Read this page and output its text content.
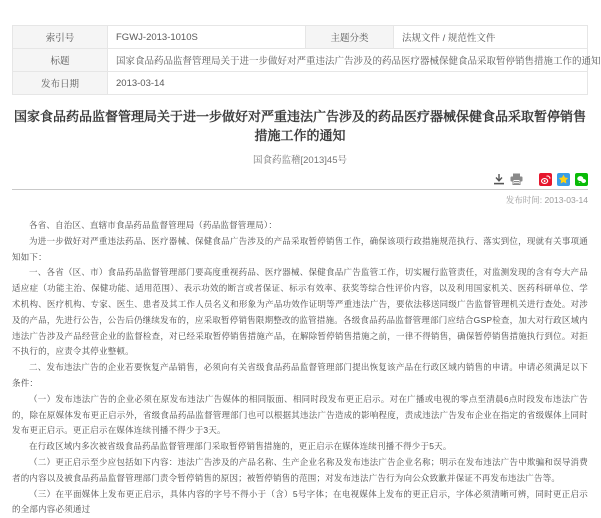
索引号	FGWJ-2013-1010S	主题分类	法规文件 / 规范性文件
标题	国家食品药品监督管理局关于进一步做好对严重违法广告涉及的药品医疗器械保健食品采取暂停销售措施工作的通知		
发布日期	2013-03-14		
国家食品药品监督管理局关于进一步做好对严重违法广告涉及的药品医疗器械保健食品采取暂停销售措施工作的通知
国食药监稽[2013]45号
发布时间: 2013-03-14

各省、自治区、直辖市食品药品监督管理局（药品监督管理局）：

为进一步做好对严重违法药品、医疗器械、保健食品广告涉及的产品采取暂停销售工作，确保该项行政措施规范执行、落实到位，现就有关事项通知如下：

一、各省（区、市）食品药品监督管理部门要高度重视药品、医疗器械、保健食品广告监管工作，切实履行监管责任，对监测发现的含有夸大产品适应症（功能主治、保健功能、适用范围）、表示功效的断言或者保证、标示有效率、获奖等综合性评价内容，以及利用国家机关、医药科研单位、学术机构、医疗机构、专家、医生、患者及其工作人员名义和形象为产品功效作证明等严重违法广告，要依法移送同级广告监督管理机关进行查处。对涉及的产品，先进行公告，公告后仍继续发布的，应采取暂停销售限期整改的监管措施。各级食品药品监督管理部门应结合GSP检查，加大对行政区域内违法广告涉及产品经营企业的监督检查，对已经采取暂停销售措施产品，在解除暂停销售措施之前，一律不得销售，确保暂停销售措施执行到位。对拒不执行的，应责令其停业整顿。

二、发布违法广告的企业若要恢复产品销售，必须向有关省级食品药品监督管理部门提出恢复该产品在行政区域内销售的申请。申请必须满足以下条件：

（一）发布违法广告的企业必须在原发布违法广告媒体的相同版面、相同时段发布更正启示。对在广播或电视的零点至清晨6点时段发布违法广告的，除在原媒体发布更正启示外，省级食品药品监督管理部门也可以根据其违法广告造成的影响程度，责成违法广告发布企业在指定的省级媒体上同时发布更正启示。更正启示在媒体连续刊播不得少于3天。

在行政区域内多次被省级食品药品监督管理部门采取暂停销售措施的，更正启示在媒体连续刊播不得少于5天。

（二）更正启示至少应包括如下内容：违法广告涉及的产品名称、生产企业名称及发布违法广告企业名称；明示在发布违法广告中欺骗和误导消费者的内容以及被食品药品监督管理部门责令暂停销售的原因；被暂停销售的范围；对发布违法广告行为向公众致歉并保证不再发布违法广告等。

（三）在平面媒体上发布更正启示，具体内容的字号不得小于（含）5号字体；在电视媒体上发布的更正启示，字体必须清晰可辨，同时更正启示的全部内容必须通过
